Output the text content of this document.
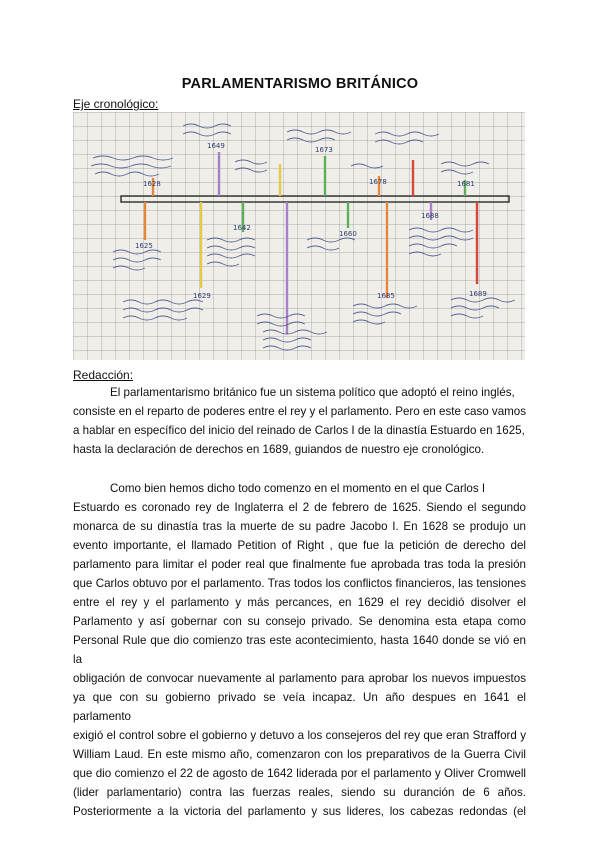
PARLAMENTARISMO BRITÁNICO
Eje cronológico:
1628
1649	1673
1678	1681
1625
1629
1642
1660
1685
1688
1689
Redacción:
El parlamentarismo británico fue un sistema político que adoptó el reino inglés,
consiste en el reparto de poderes entre el rey y el parlamento. Pero en este caso vamos
a hablar en específico del inicio del reinado de Carlos I de la dinastía Estuardo en 1625,
hasta la declaración de derechos en 1689, guiandos de nuestro eje cronológico.
Como bien hemos dicho todo comenzo en el momento en el que Carlos I
Estuardo es coronado rey de Inglaterra el 2 de febrero de 1625. Siendo el segundo
monarca de su dinastía tras la muerte de su padre Jacobo I. En 1628 se produjo un
evento importante, el llamado Petition of Right , que fue la petición de derecho del
parlamento para limitar el poder real que finalmente fue aprobada tras toda la presión
que Carlos obtuvo por el parlamento. Tras todos los conflictos financieros, las tensiones
entre el rey y el parlamento y más percances, en 1629 el rey decidió disolver el
Parlamento y así gobernar con su consejo privado. Se denomina esta etapa como
Personal Rule que dio comienzo tras este acontecimiento, hasta 1640 donde se vió en la
obligación de convocar nuevamente al parlamento para aprobar los nuevos impuestos
ya que con su gobierno privado se veía incapaz. Un año despues en 1641 el parlamento
exigió el control sobre el gobierno y detuvo a los consejeros del rey que eran Strafford y
William Laud. En este mismo año, comenzaron con los preparativos de la Guerra Civil
que dio comienzo el 22 de agosto de 1642 liderada por el parlamento y Oliver Cromwell
(lider parlamentario) contra las fuerzas reales, siendo su duranción de 6 años.
Posteriormente a la victoria del parlamento y sus lideres, los cabezas redondas (el
